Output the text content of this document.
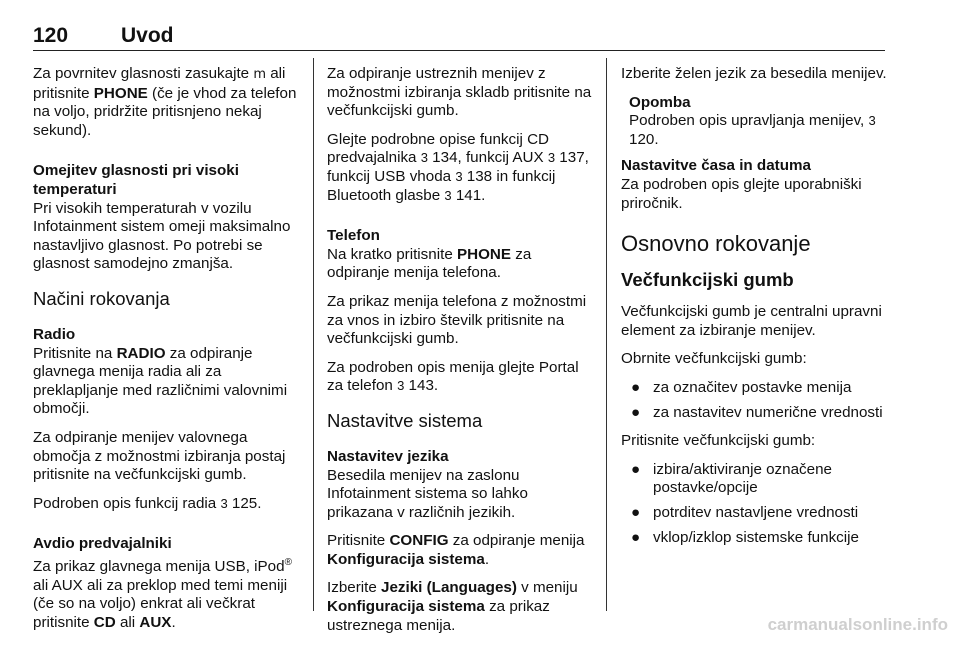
120	Uvod

Za povrnitev glasnosti zasukajte m ali pritisnite PHONE (če je vhod za telefon na voljo, pridržite pritisnjeno nekaj sekund).

Omejitev glasnosti pri visoki temperaturi

Pri visokih temperaturah v vozilu Infotainment sistem omeji maksimalno nastavljivo glasnost. Po potrebi se glasnost samodejno zmanjša.

Načini rokovanja
Radio

Pritisnite na RADIO za odpiranje glavnega menija radia ali za preklapljanje med različnimi valovnimi območji.

Za odpiranje menijev valovnega območja z možnostmi izbiranja postaj pritisnite na večfunkcijski gumb.

Podroben opis funkcij radia 3 125.

Avdio predvajalniki

Za prikaz glavnega menija USB, iPod® ali AUX ali za preklop med temi meniji (če so na voljo) enkrat ali večkrat pritisnite CD ali AUX.

Za odpiranje ustreznih menijev z možnostmi izbiranja skladb pritisnite na večfunkcijski gumb.

Glejte podrobne opise funkcij CD predvajalnika 3 134, funkcij AUX 3 137, funkcij USB vhoda 3 138 in funkcij Bluetooth glasbe 3 141.

Telefon

Na kratko pritisnite PHONE za odpiranje menija telefona.

Za prikaz menija telefona z možnostmi za vnos in izbiro številk pritisnite na večfunkcijski gumb.

Za podroben opis menija glejte Portal za telefon 3 143.

Nastavitve sistema
Nastavitev jezika

Besedila menijev na zaslonu Infotainment sistema so lahko prikazana v različnih jezikih.

Pritisnite CONFIG za odpiranje menija Konfiguracija sistema.

Izberite Jeziki (Languages) v meniju Konfiguracija sistema za prikaz ustreznega menija.

Izberite želen jezik za besedila menijev.

Opomba
Podroben opis upravljanja menijev, 3 120.
Nastavitve časa in datuma

Za podroben opis glejte uporabniški priročnik.

Osnovno rokovanje
Večfunkcijski gumb

Večfunkcijski gumb je centralni upravni element za izbiranje menijev.

Obrnite večfunkcijski gumb:

● za označitev postavke menija
● za nastavitev numerične vrednosti

Pritisnite večfunkcijski gumb:

● izbira/aktiviranje označene postavke/opcije
● potrditev nastavljene vrednosti
● vklop/izklop sistemske funkcije
carmanualsonline.info
